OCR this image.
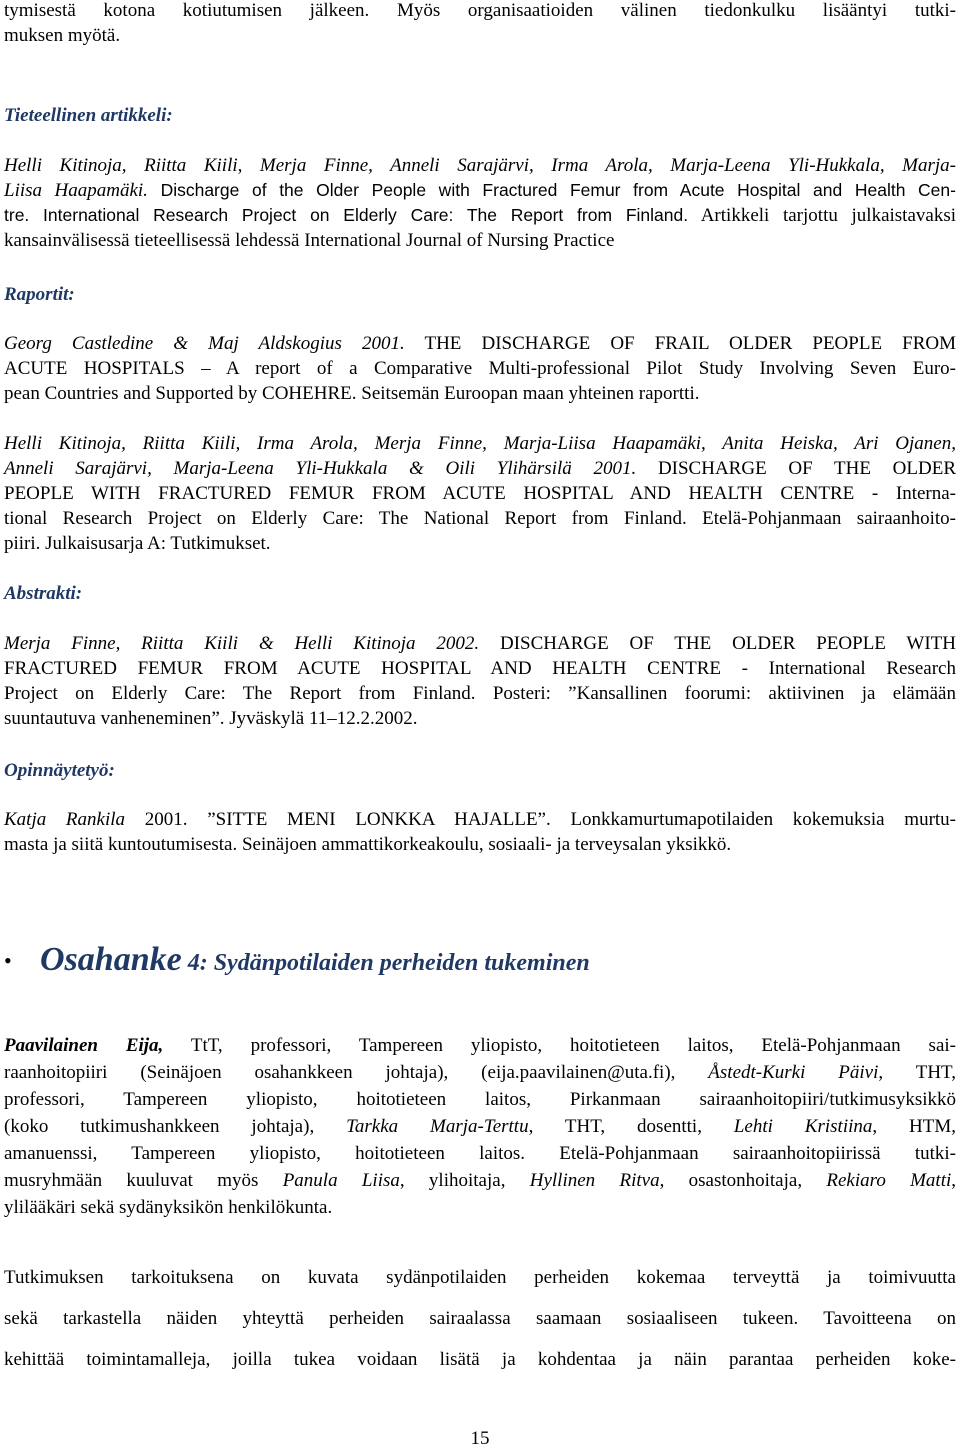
tymisestä kotona kotiutumisen jälkeen. Myös organisaatioiden välinen tiedonkulku lisääntyi tutki-
muksen myötä.
Tieteellinen artikkeli:
Helli Kitinoja, Riitta Kiili, Merja Finne, Anneli Sarajärvi, Irma Arola, Marja-Leena Yli-Hukkala, Marja-
Liisa Haapamäki. Discharge of the Older People with Fractured Femur from Acute Hospital and Health Cen-
tre. International Research Project on Elderly Care: The Report from Finland. Artikkeli tarjottu julkaistavaksi
kansainvälisessä tieteellisessä lehdessä International Journal of Nursing Practice
Raportit:
Georg Castledine & Maj Aldskogius 2001. THE DISCHARGE OF FRAIL OLDER PEOPLE FROM
ACUTE HOSPITALS – A report of a Comparative Multi-professional Pilot Study Involving Seven Euro-
pean Countries and Supported by COHEHRE. Seitsemän Euroopan maan yhteinen raportti.
Helli Kitinoja, Riitta Kiili, Irma Arola, Merja Finne, Marja-Liisa Haapamäki, Anita Heiska, Ari Ojanen,
Anneli Sarajärvi, Marja-Leena Yli-Hukkala & Oili Ylihärsilä 2001. DISCHARGE OF THE OLDER
PEOPLE WITH FRACTURED FEMUR FROM ACUTE HOSPITAL AND HEALTH CENTRE - Interna-
tional Research Project on Elderly Care: The National Report from Finland. Etelä-Pohjanmaan sairaanhoito-
piiri. Julkaisusarja A: Tutkimukset.
Abstrakti:
Merja Finne, Riitta Kiili & Helli Kitinoja 2002. DISCHARGE OF THE OLDER PEOPLE WITH
FRACTURED FEMUR FROM ACUTE HOSPITAL AND HEALTH CENTRE - International Research
Project on Elderly Care: The Report from Finland. Posteri: ”Kansallinen foorumi: aktiivinen ja elämään
suuntautuva vanheneminen”. Jyväskylä 11–12.2.2002.
Opinnäytetyö:
Katja Rankila 2001. ”SITTE MENI LONKKA HAJALLE”. Lonkkamurtumapotilaiden kokemuksia murtu-
masta ja siitä kuntoutumisesta. Seinäjoen ammattikorkeakoulu, sosiaali- ja terveysalan yksikkö.
• Osahanke 4: Sydänpotilaiden perheiden tukeminen
Paavilainen Eija, TtT, professori, Tampereen yliopisto, hoitotieteen laitos, Etelä-Pohjanmaan sai-
raanhoitopiiri (Seinäjoen osahankkeen johtaja), (eija.paavilainen@uta.fi), Åstedt-Kurki Päivi, THT,
professori, Tampereen yliopisto, hoitotieteen laitos, Pirkanmaan sairaanhoitopiiri/tutkimusyksikkö
(koko tutkimushankkeen johtaja), Tarkka Marja-Terttu, THT, dosentti, Lehti Kristiina, HTM,
amanuenssi, Tampereen yliopisto, hoitotieteen laitos. Etelä-Pohjanmaan sairaanhoitopiirissä tutki-
musryhmään kuuluvat myös Panula Liisa, ylihoitaja, Hyllinen Ritva, osastonhoitaja, Rekiaro Matti,
ylilääkäri sekä sydänyksikön henkilökunta.
Tutkimuksen tarkoituksena on kuvata sydänpotilaiden perheiden kokemaa terveyttä ja toimivuutta
sekä tarkastella näiden yhteyttä perheiden sairaalassa saamaan sosiaaliseen tukeen. Tavoitteena on
kehittää toimintamalleja, joilla tukea voidaan lisätä ja kohdentaa ja näin parantaa perheiden koke-
15
